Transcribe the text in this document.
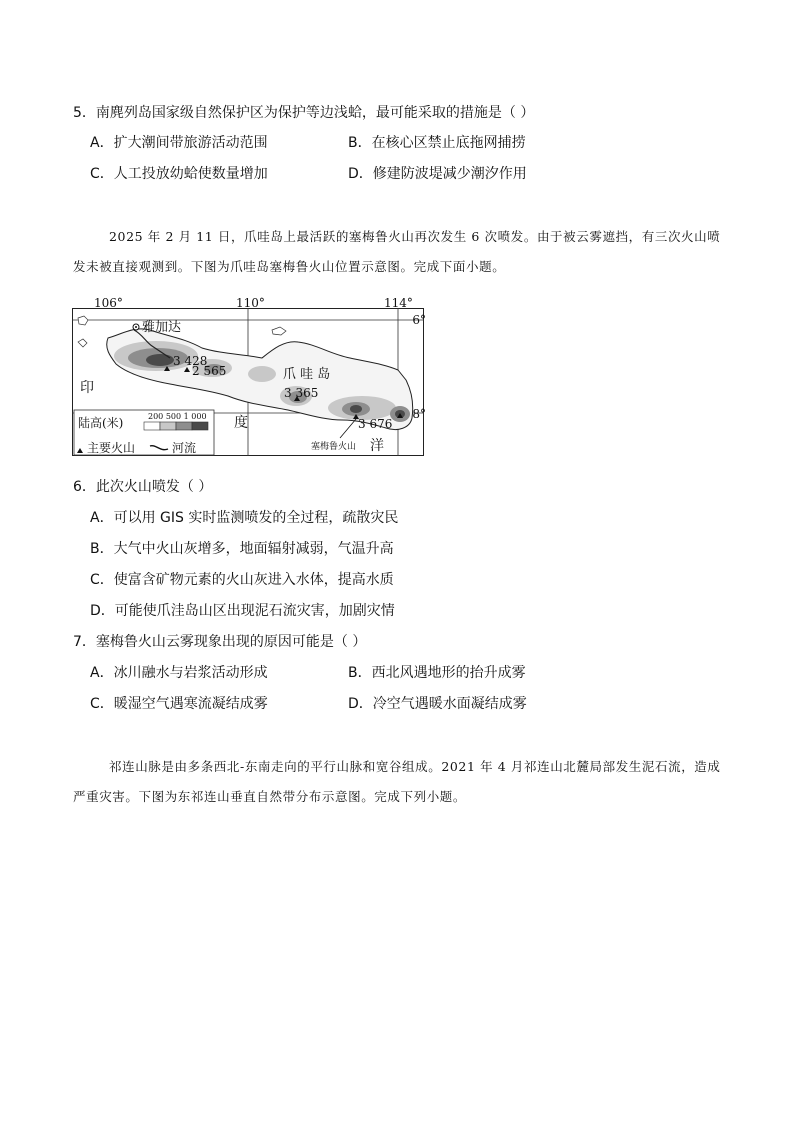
5．南麂列岛国家级自然保护区为保护等边浅蛤，最可能采取的措施是（ ）
A．扩大潮间带旅游活动范围	B．在核心区禁止底拖网捕捞
C．人工投放幼蛤使数量增加	D．修建防波堤减少潮汐作用
2025 年 2 月 11 日，爪哇岛上最活跃的塞梅鲁火山再次发生 6 次喷发。由于被云雾遮挡，有三次火山喷发未被直接观测到。下图为爪哇岛塞梅鲁火山位置示意图。完成下面小题。
106°	110°	114°
6°
8°
雅加达
3 428
2 565
3 365
3 676
爪 哇 岛
印
度
洋
塞梅鲁火山
陆高(米)	200 500 1 000
主要火山	河流
6．此次火山喷发（ ）
A．可以用 GIS 实时监测喷发的全过程，疏散灾民
B．大气中火山灰增多，地面辐射减弱，气温升高
C．使富含矿物元素的火山灰进入水体，提高水质
D．可能使爪洼岛山区出现泥石流灾害，加剧灾情
7．塞梅鲁火山云雾现象出现的原因可能是（ ）
A．冰川融水与岩浆活动形成	B．西北风遇地形的抬升成雾
C．暖湿空气遇寒流凝结成雾	D．冷空气遇暖水面凝结成雾
祁连山脉是由多条西北-东南走向的平行山脉和宽谷组成。2021 年 4 月祁连山北麓局部发生泥石流，造成严重灾害。下图为东祁连山垂直自然带分布示意图。完成下列小题。
